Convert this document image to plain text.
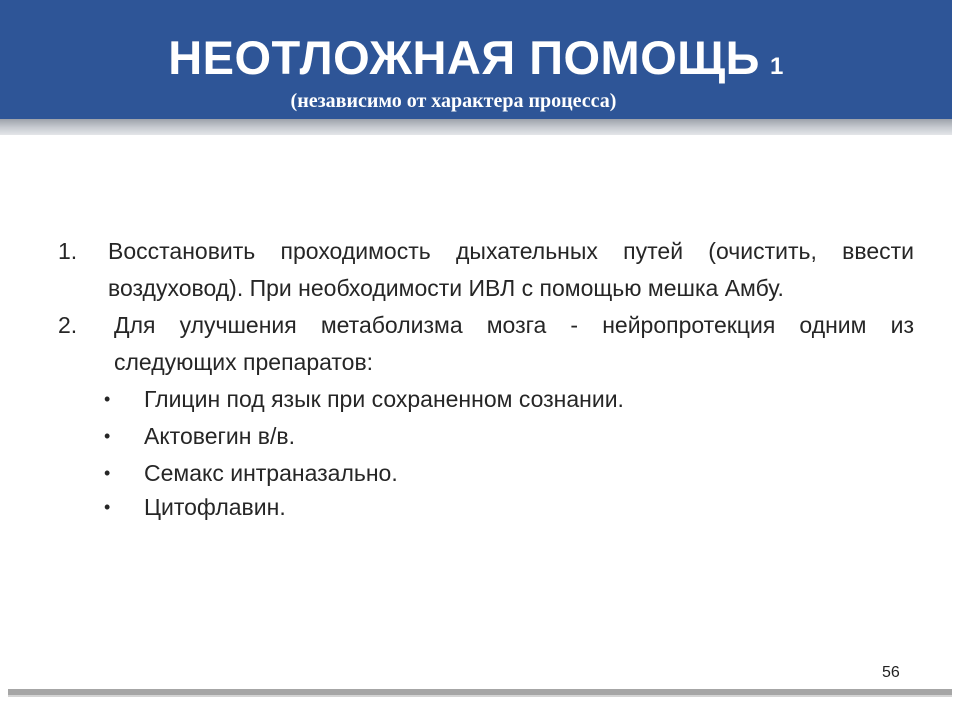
НЕОТЛОЖНАЯ ПОМОЩЬ 1
(независимо от характера процесса)
1.	Восстановить проходимость дыхательных путей (очистить, ввести воздуховод). При необходимости ИВЛ с помощью мешка Амбу.
2.	Для улучшения метаболизма мозга - нейропротекция одним из следующих препаратов:
•	Глицин под язык при сохраненном сознании.
•	Актовегин в/в.
•	Семакс интраназально.
•	Цитофлавин.
56
